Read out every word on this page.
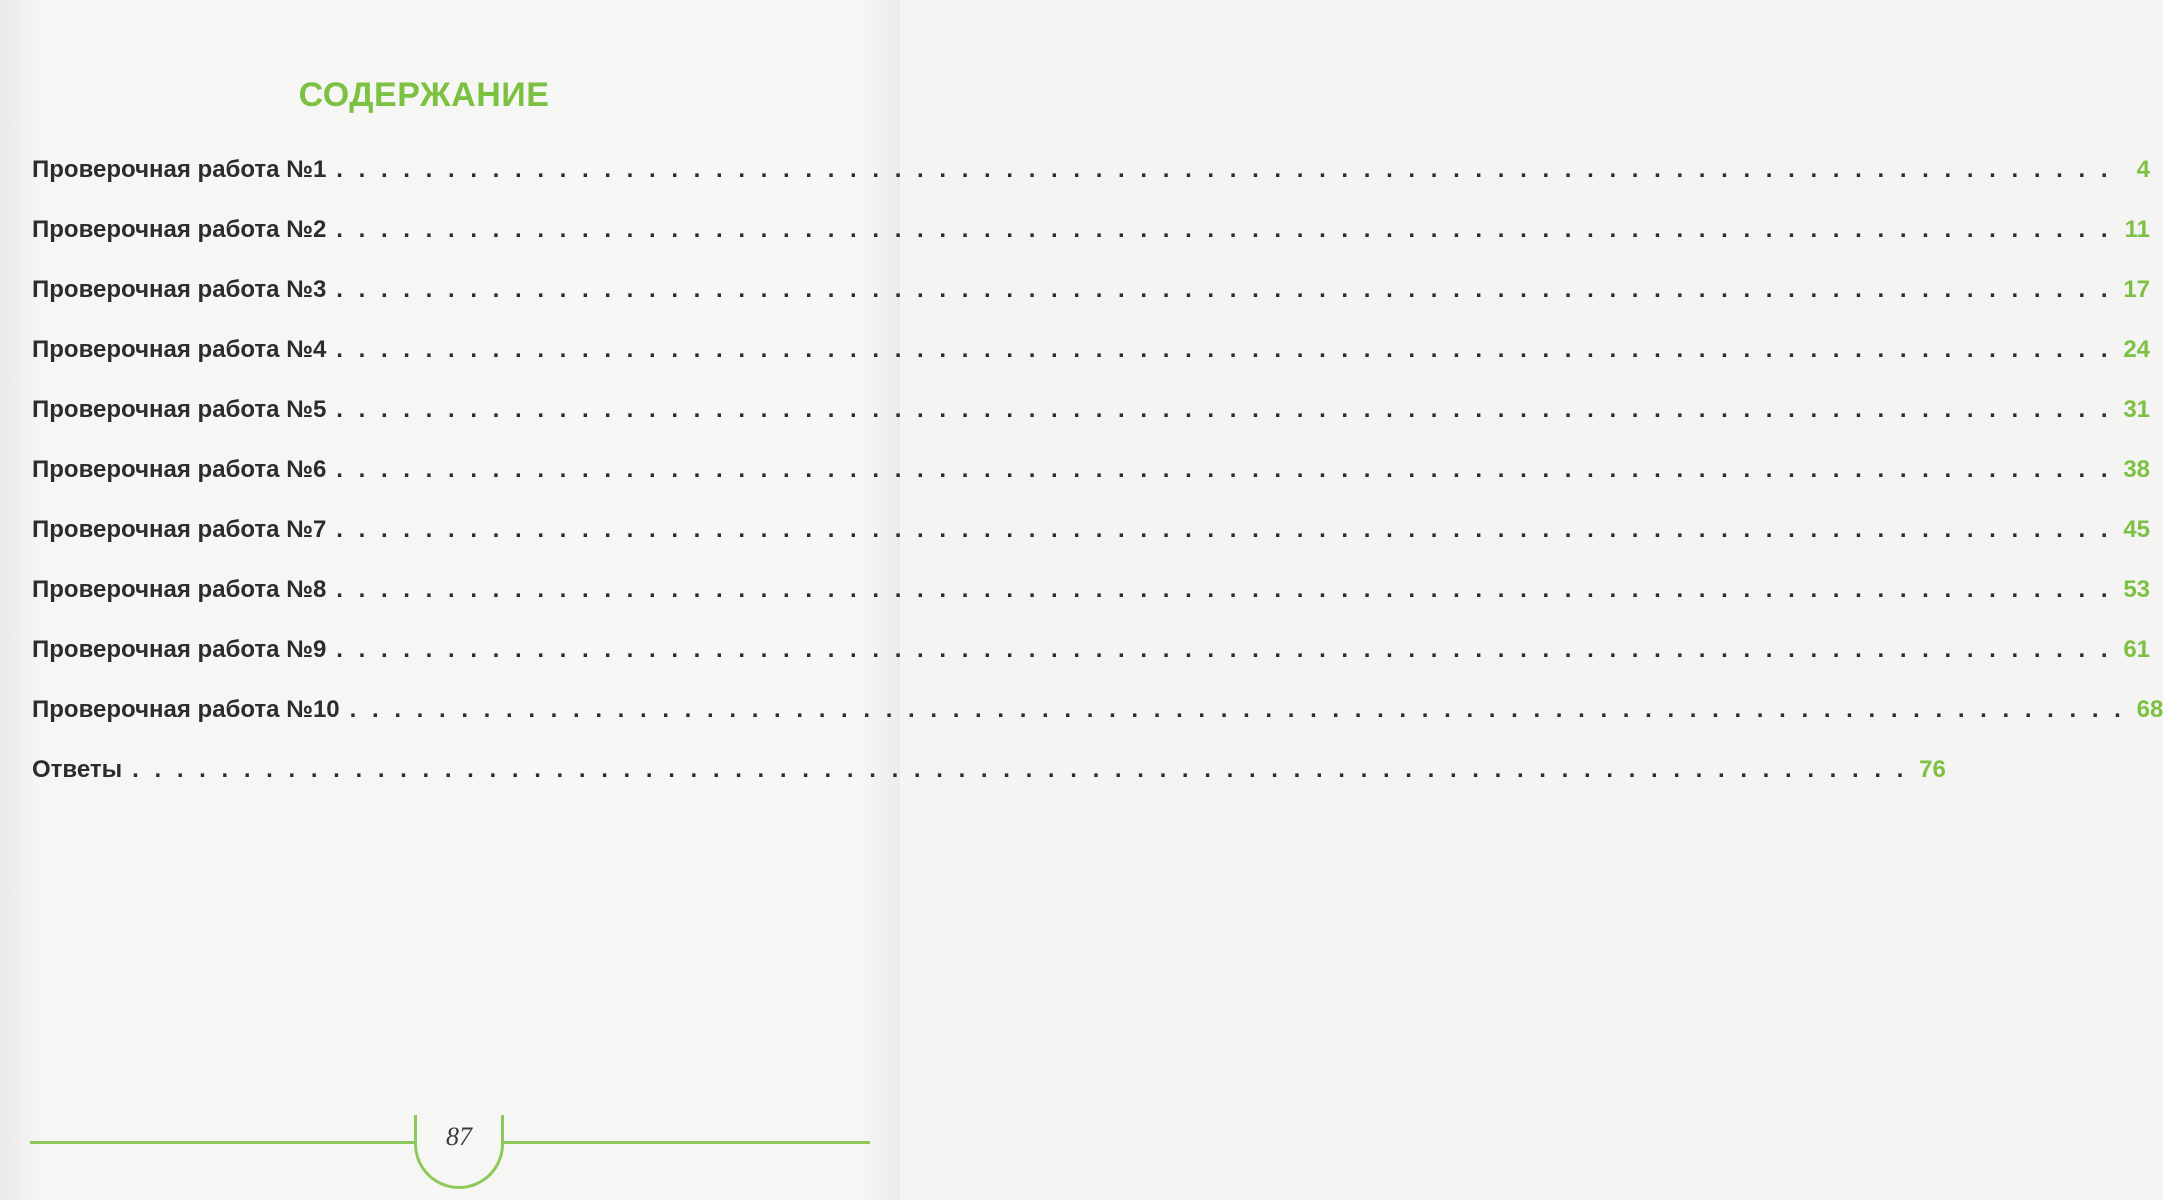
СОДЕРЖАНИЕ
Проверочная работа №1 . . . . . . . . . . . . . . . . . . . . . . . . . . . . . . . . . . . . . . . . . . . . . . . . . . . . . . . . . . . . . . . . . . . . . . . . . . . . . . . .	4
Проверочная работа №2 . . . . . . . . . . . . . . . . . . . . . . . . . . . . . . . . . . . . . . . . . . . . . . . . . . . . . . . . . . . . . . . . . . . . . . . . . . . . . . . . 11
Проверочная работа №3 . . . . . . . . . . . . . . . . . . . . . . . . . . . . . . . . . . . . . . . . . . . . . . . . . . . . . . . . . . . . . . . . . . . . . . . . . . . . . . . . 17
Проверочная работа №4 . . . . . . . . . . . . . . . . . . . . . . . . . . . . . . . . . . . . . . . . . . . . . . . . . . . . . . . . . . . . . . . . . . . . . . . . . . . . . . . . 24
Проверочная работа №5 . . . . . . . . . . . . . . . . . . . . . . . . . . . . . . . . . . . . . . . . . . . . . . . . . . . . . . . . . . . . . . . . . . . . . . . . . . . . . . . . 31
Проверочная работа №6 . . . . . . . . . . . . . . . . . . . . . . . . . . . . . . . . . . . . . . . . . . . . . . . . . . . . . . . . . . . . . . . . . . . . . . . . . . . . . . . . 38
Проверочная работа №7 . . . . . . . . . . . . . . . . . . . . . . . . . . . . . . . . . . . . . . . . . . . . . . . . . . . . . . . . . . . . . . . . . . . . . . . . . . . . . . . . 45
Проверочная работа №8 . . . . . . . . . . . . . . . . . . . . . . . . . . . . . . . . . . . . . . . . . . . . . . . . . . . . . . . . . . . . . . . . . . . . . . . . . . . . . . . . 53
Проверочная работа №9 . . . . . . . . . . . . . . . . . . . . . . . . . . . . . . . . . . . . . . . . . . . . . . . . . . . . . . . . . . . . . . . . . . . . . . . . . . . . . . . . 61
Проверочная работа №10 . . . . . . . . . . . . . . . . . . . . . . . . . . . . . . . . . . . . . . . . . . . . . . . . . . . . . . . . . . . . . . . . . . . . . . . . . . . . . . . . 68
Ответы . . . . . . . . . . . . . . . . . . . . . . . . . . . . . . . . . . . . . . . . . . . . . . . . . . . . . . . . . . . . . . . . . . . . . . . . . . . . . . . . 76
87
